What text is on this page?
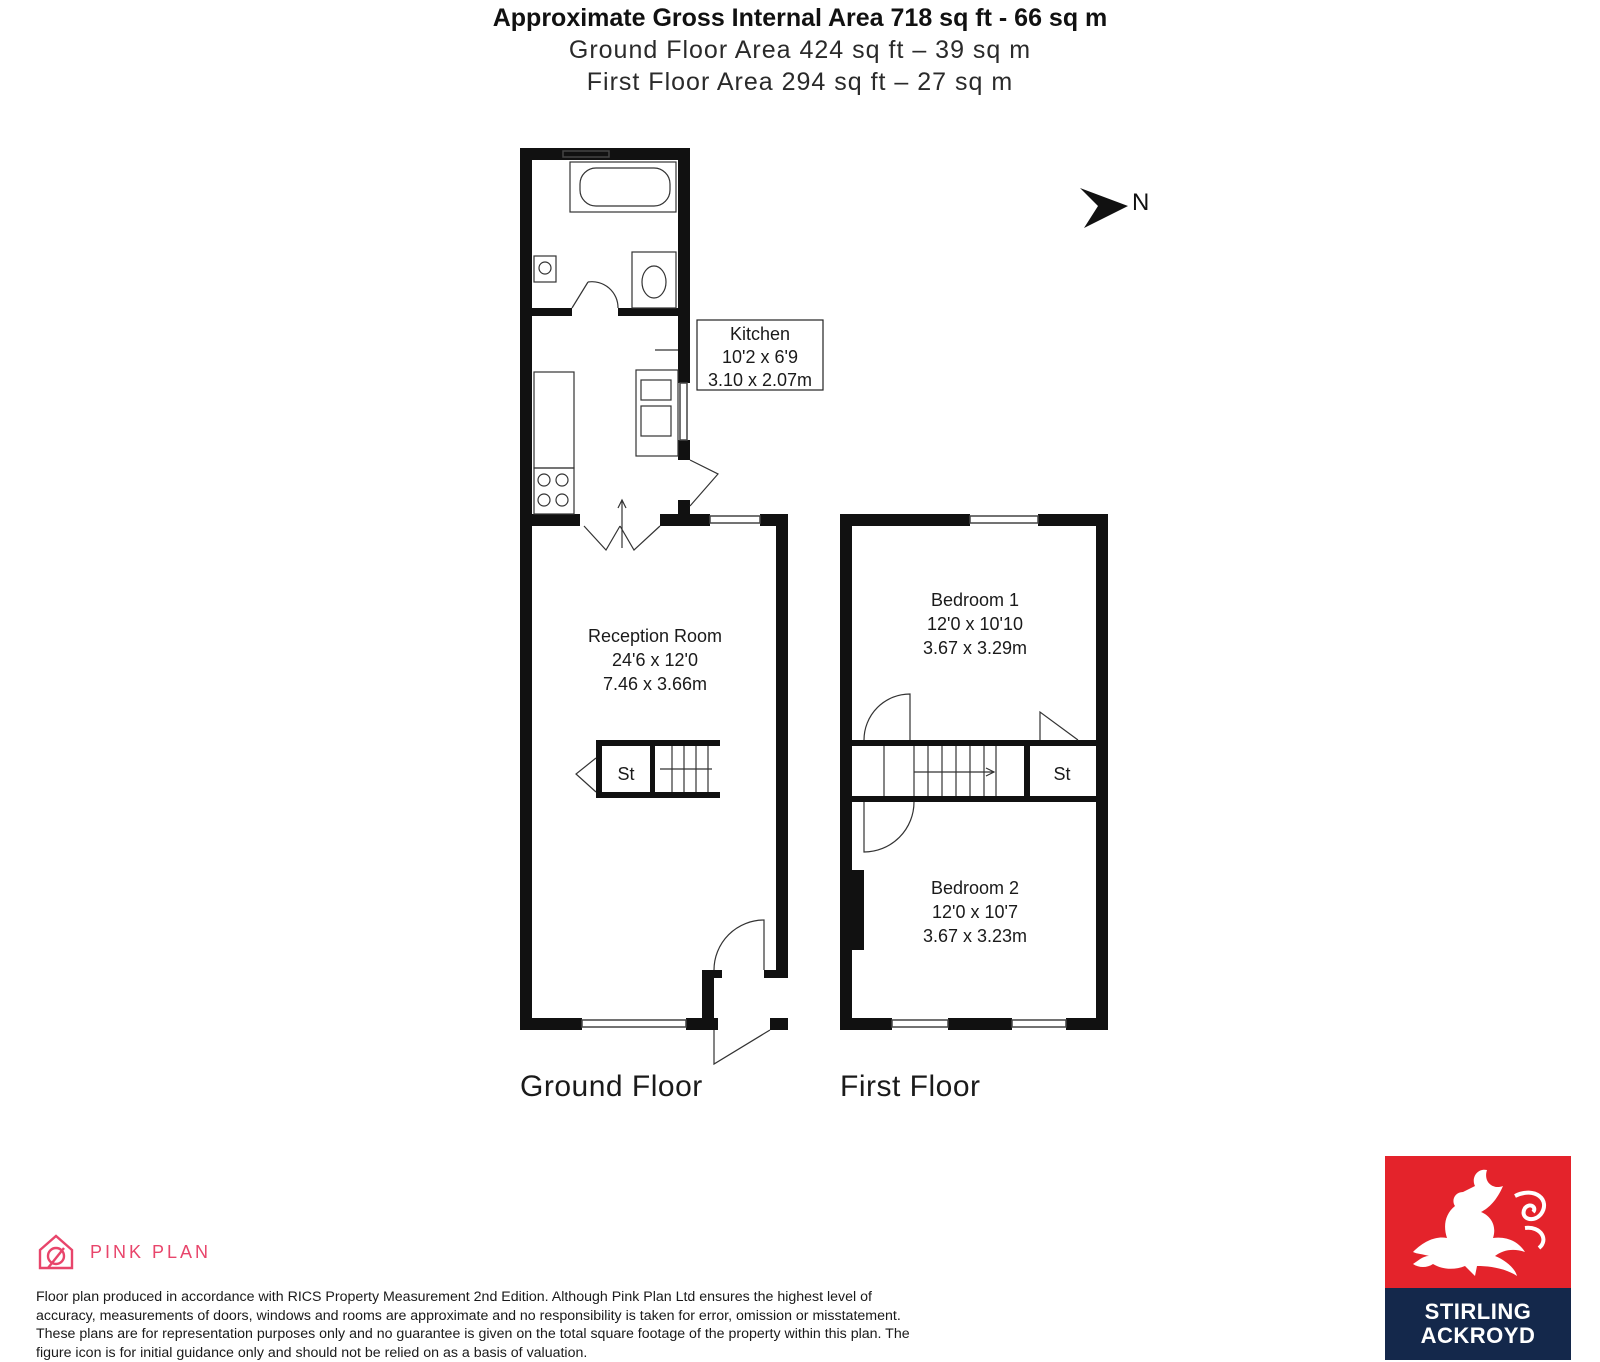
Approximate Gross Internal Area 718 sq ft - 66 sq m
Ground Floor Area 424 sq ft – 39 sq m
First Floor Area 294 sq ft – 27 sq m
Kitchen
10'2 x 6'9
3.10 x 2.07m
Reception Room
24'6 x 12'0
7.46 x 3.66m
St
Bedroom 1
12'0 x 10'10
3.67 x 3.29m
St
Bedroom 2
12'0 x 10'7
3.67 x 3.23m
N
Ground Floor	First Floor
PINK PLAN
Floor plan produced in accordance with RICS Property Measurement 2nd Edition. Although Pink Plan Ltd ensures the highest level of accuracy, measurements of doors, windows and rooms are approximate and no responsibility is taken for error, omission or misstatement. These plans are for representation purposes only and no guarantee is given on the total square footage of the property within this plan. The figure icon is for initial guidance only and should not be relied on as a basis of valuation.
STIRLING
ACKROYD
